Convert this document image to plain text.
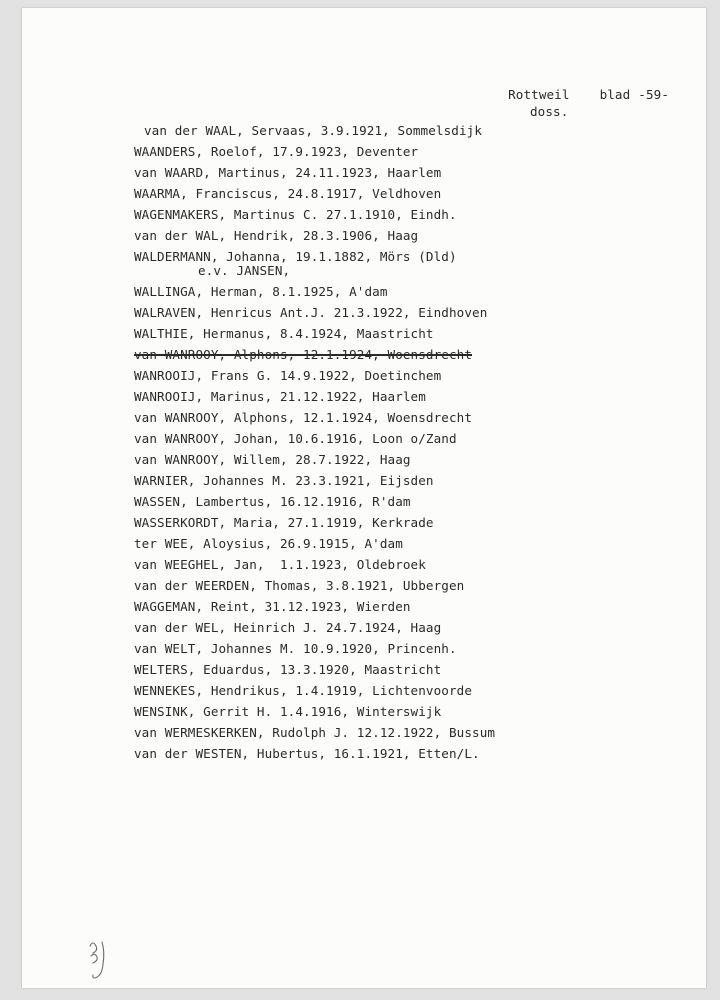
Rottweil blad -59-

doss.

van der WAAL, Servaas, 3.9.1921, Sommelsdijk

WAANDERS, Roelof, 17.9.1923, Deventer

van WAARD, Martinus, 24.11.1923, Haarlem

WAARMA, Franciscus, 24.8.1917, Veldhoven

WAGENMAKERS, Martinus C. 27.1.1910, Eindh.

van der WAL, Hendrik, 28.3.1906, Haag

WALDERMANN, Johanna, 19.1.1882, Mörs (Dld)
e.v. JANSEN,

WALLINGA, Herman, 8.1.1925, A'dam

WALRAVEN, Henricus Ant.J. 21.3.1922, Eindhoven

WALTHIE, Hermanus, 8.4.1924, Maastricht

van WANROOY, Alphons, 12.1.1924, Woensdrecht

WANROOIJ, Frans G. 14.9.1922, Doetinchem

WANROOIJ, Marinus, 21.12.1922, Haarlem

van WANROOY, Alphons, 12.1.1924, Woensdrecht

van WANROOY, Johan, 10.6.1916, Loon o/Zand

van WANROOY, Willem, 28.7.1922, Haag

WARNIER, Johannes M. 23.3.1921, Eijsden

WASSEN, Lambertus, 16.12.1916, R'dam

WASSERKORDT, Maria, 27.1.1919, Kerkrade

ter WEE, Aloysius, 26.9.1915, A'dam

van WEEGHEL, Jan,  1.1.1923, Oldebroek

van der WEERDEN, Thomas, 3.8.1921, Ubbergen

WAGGEMAN, Reint, 31.12.1923, Wierden

van der WEL, Heinrich J. 24.7.1924, Haag

van WELT, Johannes M. 10.9.1920, Princenh.

WELTERS, Eduardus, 13.3.1920, Maastricht

WENNEKES, Hendrikus, 1.4.1919, Lichtenvoorde

WENSINK, Gerrit H. 1.4.1916, Winterswijk

van WERMESKERKEN, Rudolph J. 12.12.1922, Bussum

van der WESTEN, Hubertus, 16.1.1921, Etten/L.
